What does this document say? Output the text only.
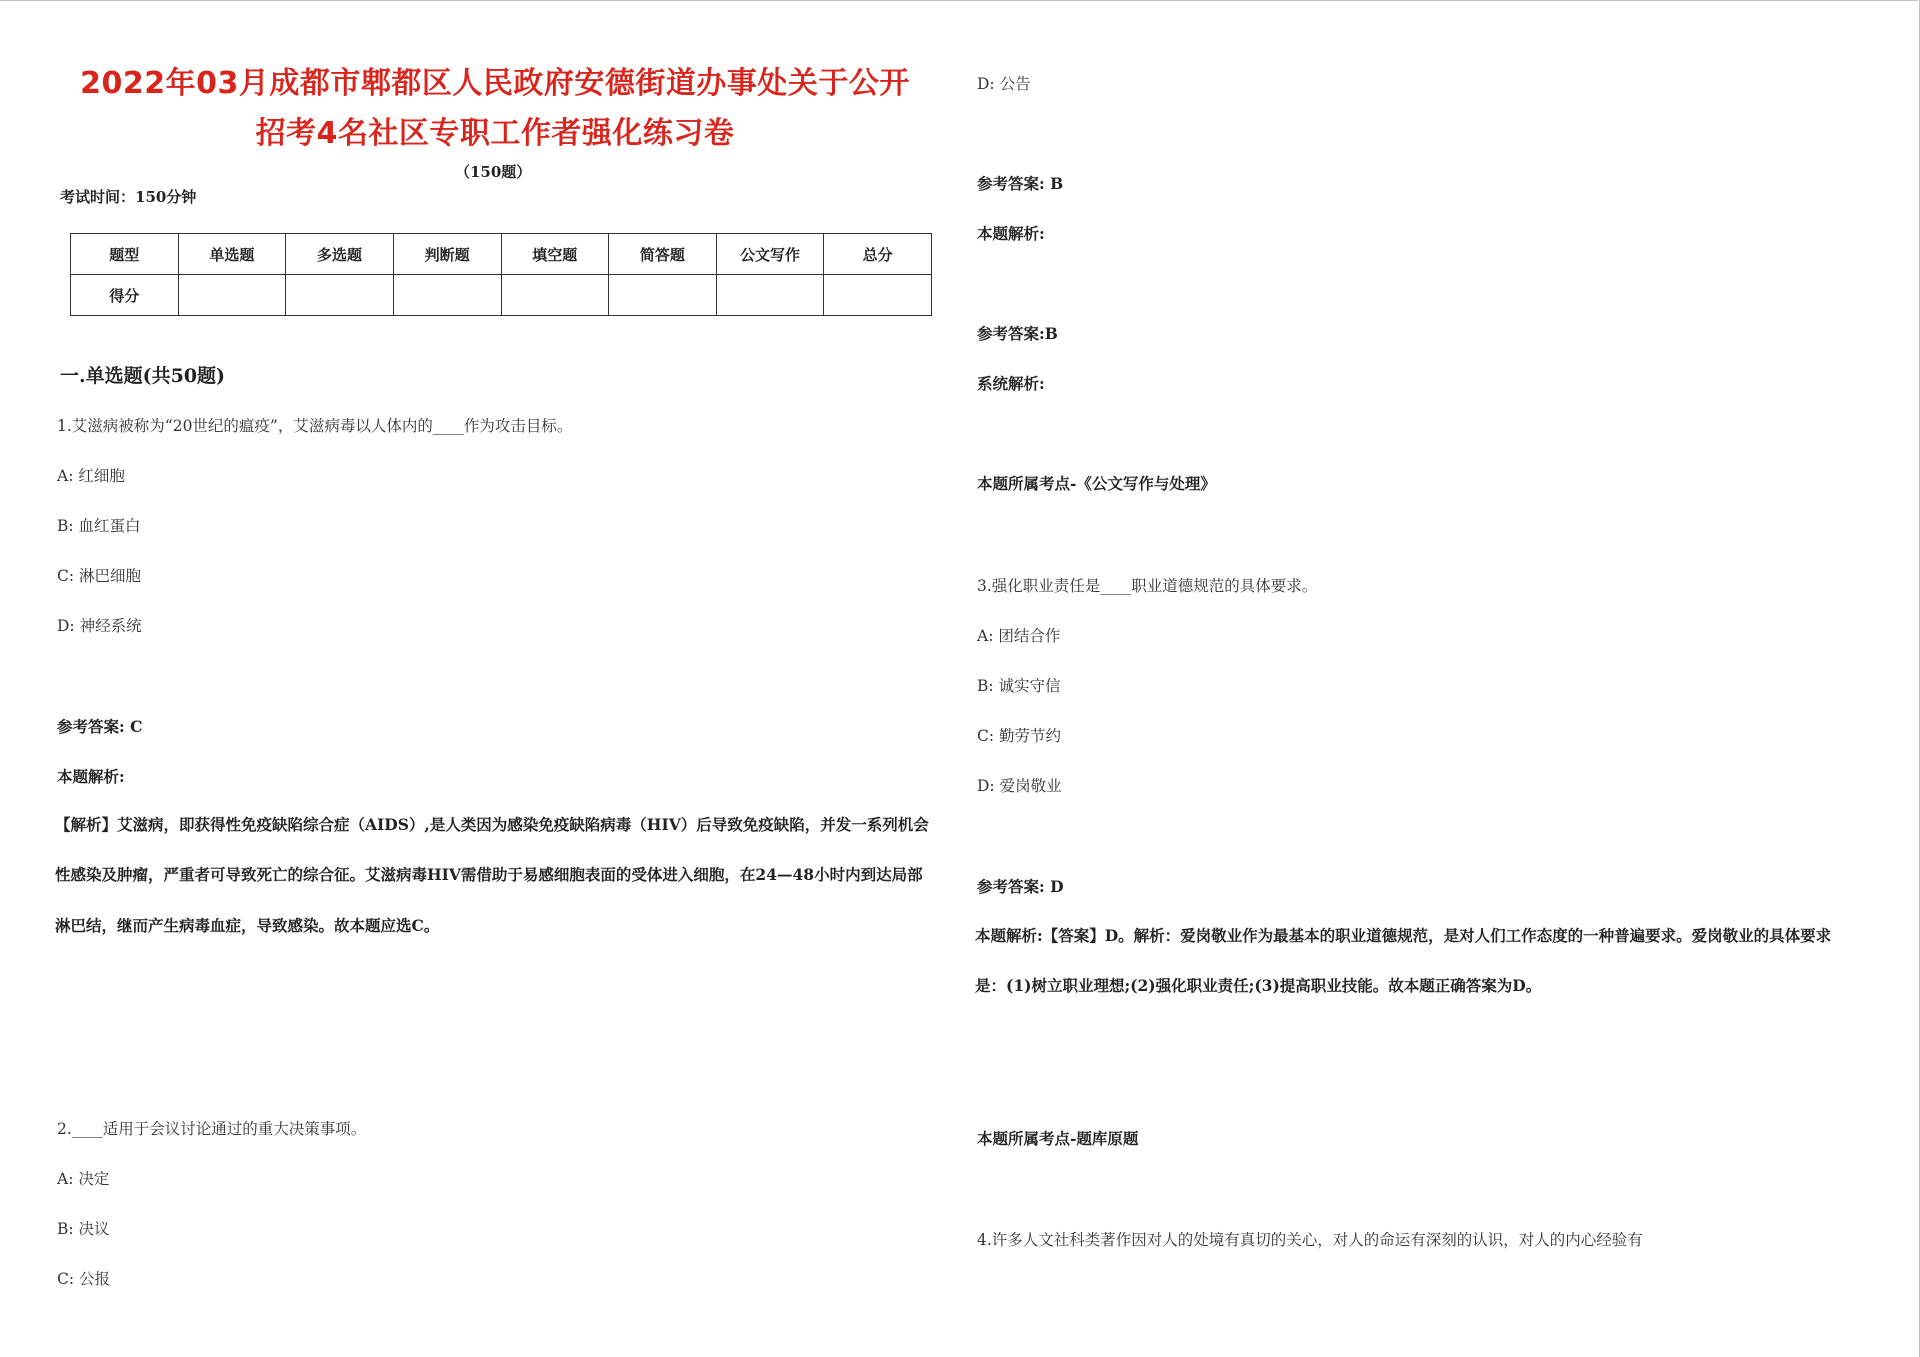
2022年03月成都市郫都区人民政府安德街道办事处关于公开
招考4名社区专职工作者强化练习卷
（150题）
考试时间：150分钟
题型	单选题	多选题	判断题	填空题	简答题	公文写作	总分
得分							
一.单选题(共50题)
1.艾滋病被称为“20世纪的瘟疫”，艾滋病毒以人体内的____作为攻击目标。
A: 红细胞
B: 血红蛋白
C: 淋巴细胞
D: 神经系统
参考答案: C
本题解析:
【解析】艾滋病，即获得性免疫缺陷综合症（AIDS）,是人类因为感染免疫缺陷病毒（HIV）后导致免疫缺陷，并发一系列机会性感染及肿瘤，严重者可导致死亡的综合征。艾滋病毒HIV需借助于易感细胞表面的受体进入细胞，在24—48小时内到达局部淋巴结，继而产生病毒血症，导致感染。故本题应选C。
2.____适用于会议讨论通过的重大决策事项。
A: 决定
B: 决议
C: 公报
D: 公告
参考答案: B
本题解析:
参考答案:B
系统解析:
本题所属考点-《公文写作与处理》
3.强化职业责任是____职业道德规范的具体要求。
A: 团结合作
B: 诚实守信
C: 勤劳节约
D: 爱岗敬业
参考答案: D
本题解析:【答案】D。解析：爱岗敬业作为最基本的职业道德规范，是对人们工作态度的一种普遍要求。爱岗敬业的具体要求是：(1)树立职业理想;(2)强化职业责任;(3)提高职业技能。故本题正确答案为D。
本题所属考点-题库原题
4.许多人文社科类著作因对人的处境有真切的关心，对人的命运有深刻的认识，对人的内心经验有
